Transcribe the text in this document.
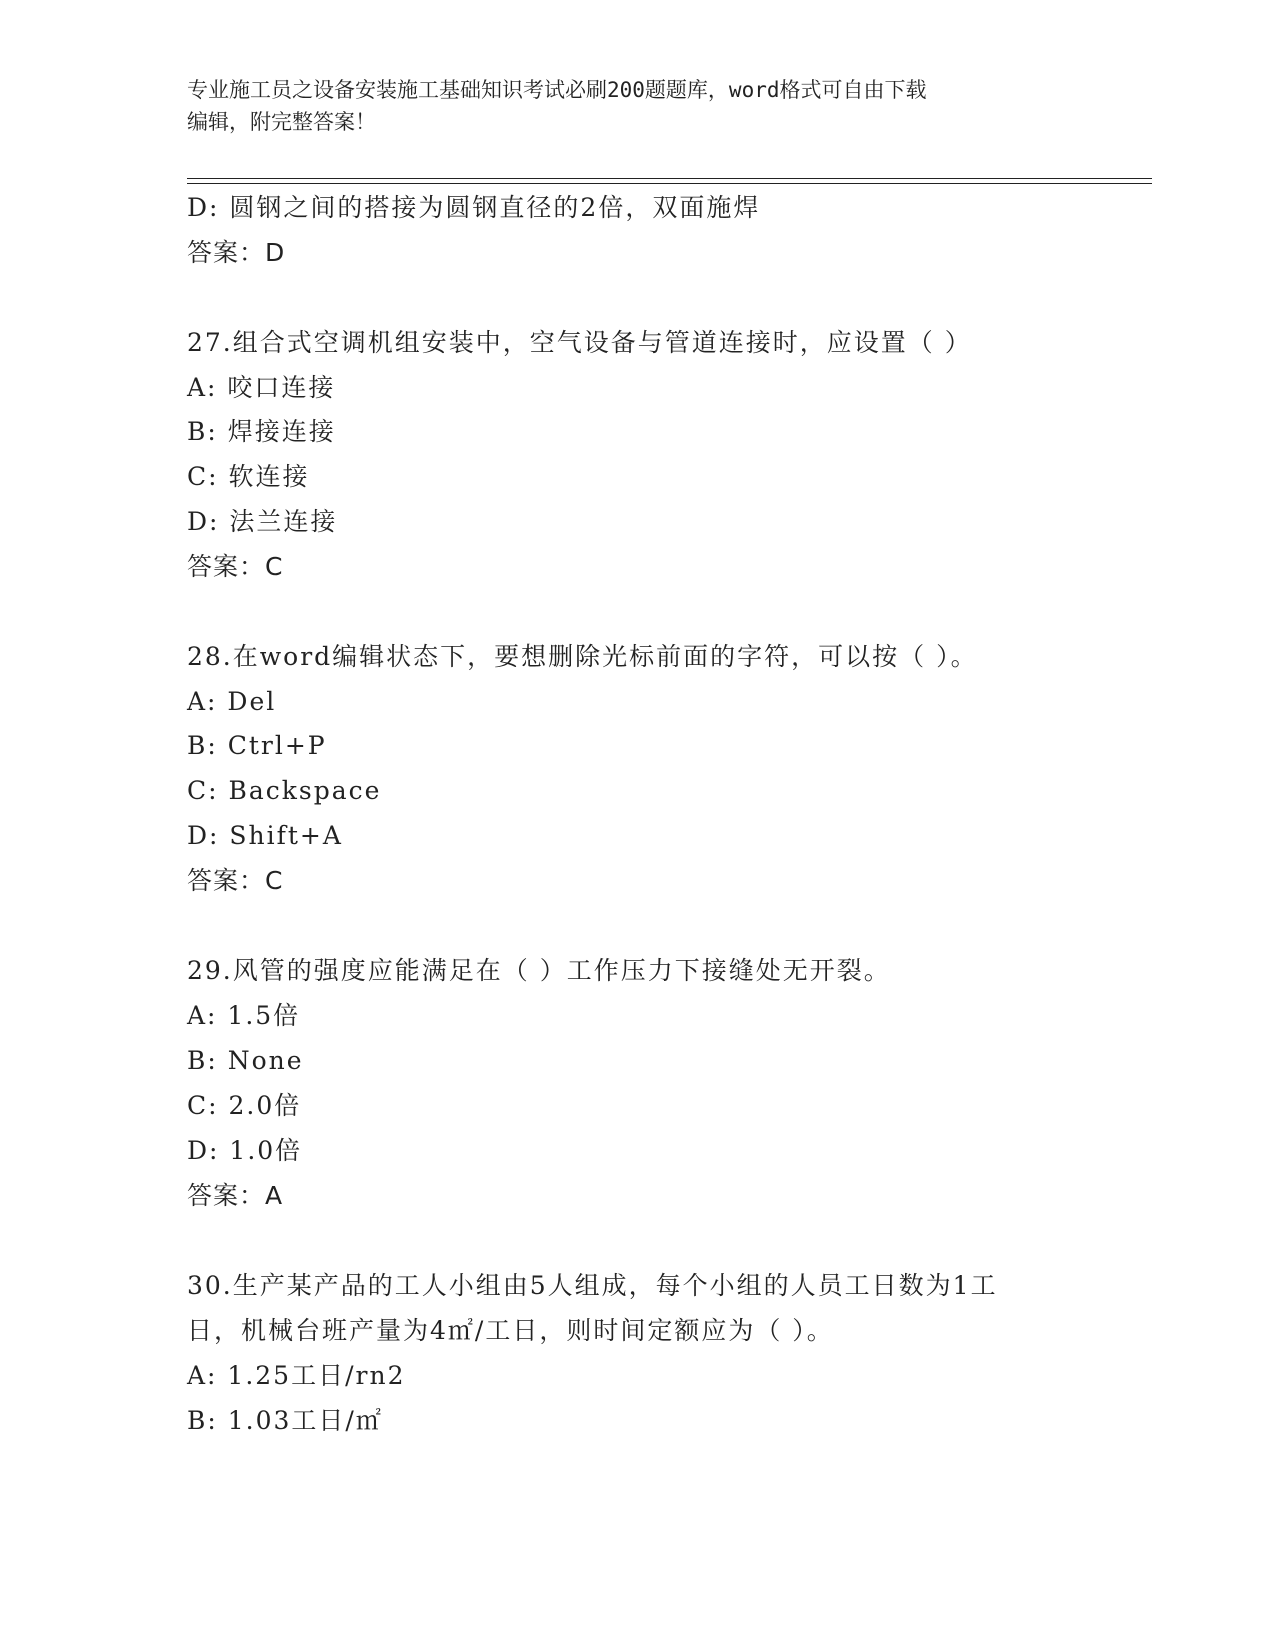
专业施工员之设备安装施工基础知识考试必刷200题题库，word格式可自由下载
编辑，附完整答案！
D: 圆钢之间的搭接为圆钢直径的2倍，双面施焊
答案：D
27.组合式空调机组安装中，空气设备与管道连接时，应设置（ ）
A: 咬口连接
B: 焊接连接
C: 软连接
D: 法兰连接
答案：C
28.在word编辑状态下，要想删除光标前面的字符，可以按（ ）。
A: Del
B: Ctrl+P
C: Backspace
D: Shift+A
答案：C
29.风管的强度应能满足在（ ）工作压力下接缝处无开裂。
A: 1.5倍
B: None
C: 2.0倍
D: 1.0倍
答案：A
30.生产某产品的工人小组由5人组成，每个小组的人员工日数为1工
日，机械台班产量为4㎡/工日，则时间定额应为（ ）。
A: 1.25工日/rn2
B: 1.03工日/㎡
